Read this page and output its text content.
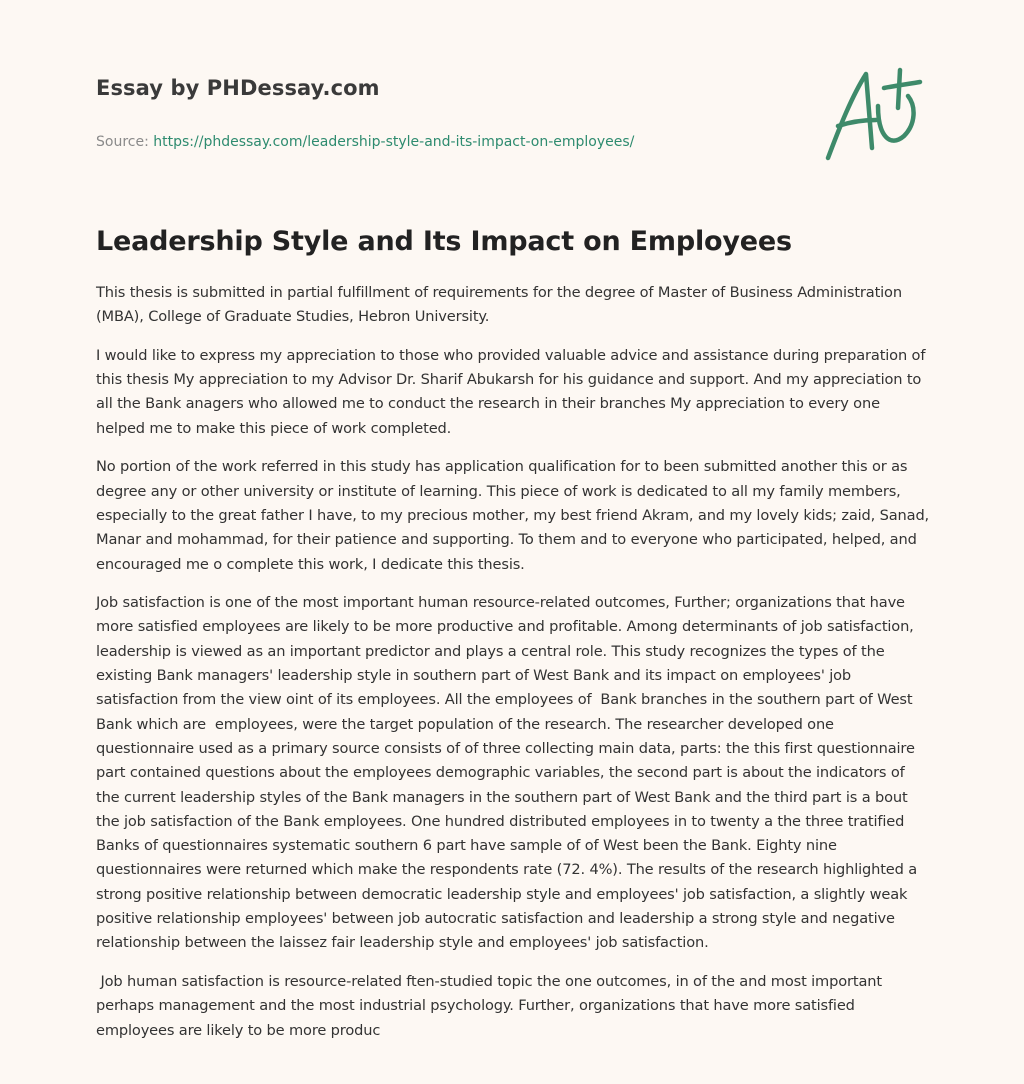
Essay by PHDessay.com
Source: https://phdessay.com/leadership-style-and-its-impact-on-employees/
Leadership Style and Its Impact on Employees

This thesis is submitted in partial fulfillment of requirements for the degree of Master of Business Administration (MBA), College of Graduate Studies, Hebron University.

I would like to express my appreciation to those who provided valuable advice and assistance during preparation of this thesis My appreciation to my Advisor Dr. Sharif Abukarsh for his guidance and support. And my appreciation to all the Bank anagers who allowed me to conduct the research in their branches My appreciation to every one helped me to make this piece of work completed.

No portion of the work referred in this study has application qualification for to been submitted another this or as degree any or other university or institute of learning. This piece of work is dedicated to all my family members, especially to the great father I have, to my precious mother, my best friend Akram, and my lovely kids; zaid, Sanad, Manar and mohammad, for their patience and supporting. To them and to everyone who participated, helped, and encouraged me o complete this work, I dedicate this thesis.

Job satisfaction is one of the most important human resource-related outcomes, Further; organizations that have more satisfied employees are likely to be more productive and profitable. Among determinants of job satisfaction, leadership is viewed as an important predictor and plays a central role. This study recognizes the types of the existing Bank managers' leadership style in southern part of West Bank and its impact on employees' job satisfaction from the view oint of its employees. All the employees of  Bank branches in the southern part of West Bank which are  employees, were the target population of the research. The researcher developed one questionnaire used as a primary source consists of of three collecting main data, parts: the this first questionnaire part contained questions about the employees demographic variables, the second part is about the indicators of the current leadership styles of the Bank managers in the southern part of West Bank and the third part is a bout the job satisfaction of the Bank employees. One hundred distributed employees in to twenty a the three tratified Banks of questionnaires systematic southern 6 part have sample of of West been the Bank. Eighty nine questionnaires were returned which make the respondents rate (72. 4%). The results of the research highlighted a strong positive relationship between democratic leadership style and employees' job satisfaction, a slightly weak positive relationship employees' between job autocratic satisfaction and leadership a strong style and negative relationship between the laissez fair leadership style and employees' job satisfaction.

Job human satisfaction is resource-related ften-studied topic the one outcomes, in of the and most important perhaps management and the most industrial psychology. Further, organizations that have more satisfied employees are likely to be more produc
